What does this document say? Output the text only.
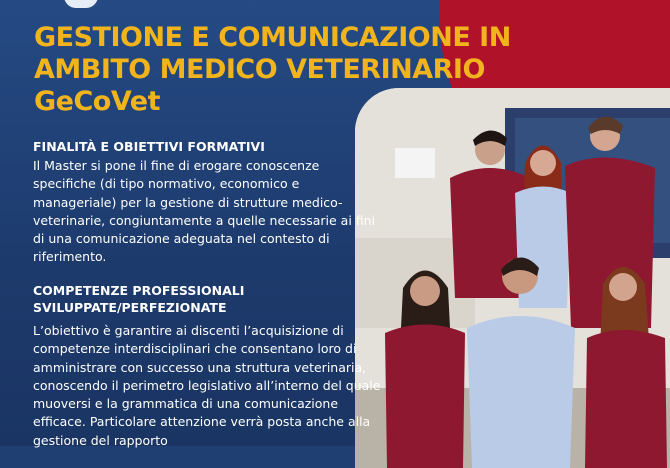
GESTIONE E COMUNICAZIONE IN
AMBITO MEDICO VETERINARIO
GeCoVet
FINALITÀ E OBIETTIVI FORMATIVI

Il Master si pone il fine di erogare conoscenze specifiche (di tipo normativo, economico e manageriale) per la gestione di strutture medico-veterinarie, congiuntamente a quelle necessarie ai fini di una comunicazione adeguata nel contesto di riferimento.

COMPETENZE PROFESSIONALI
SVILUPPATE/PERFEZIONATE

L’obiettivo è garantire ai discenti l’acquisizione di competenze interdisciplinari che consentano loro di amministrare con successo una struttura veterinaria, conoscendo il perimetro legislativo all’interno del quale muoversi e la grammatica di una comunicazione efficace. Particolare attenzione verrà posta anche alla gestione del rapporto
